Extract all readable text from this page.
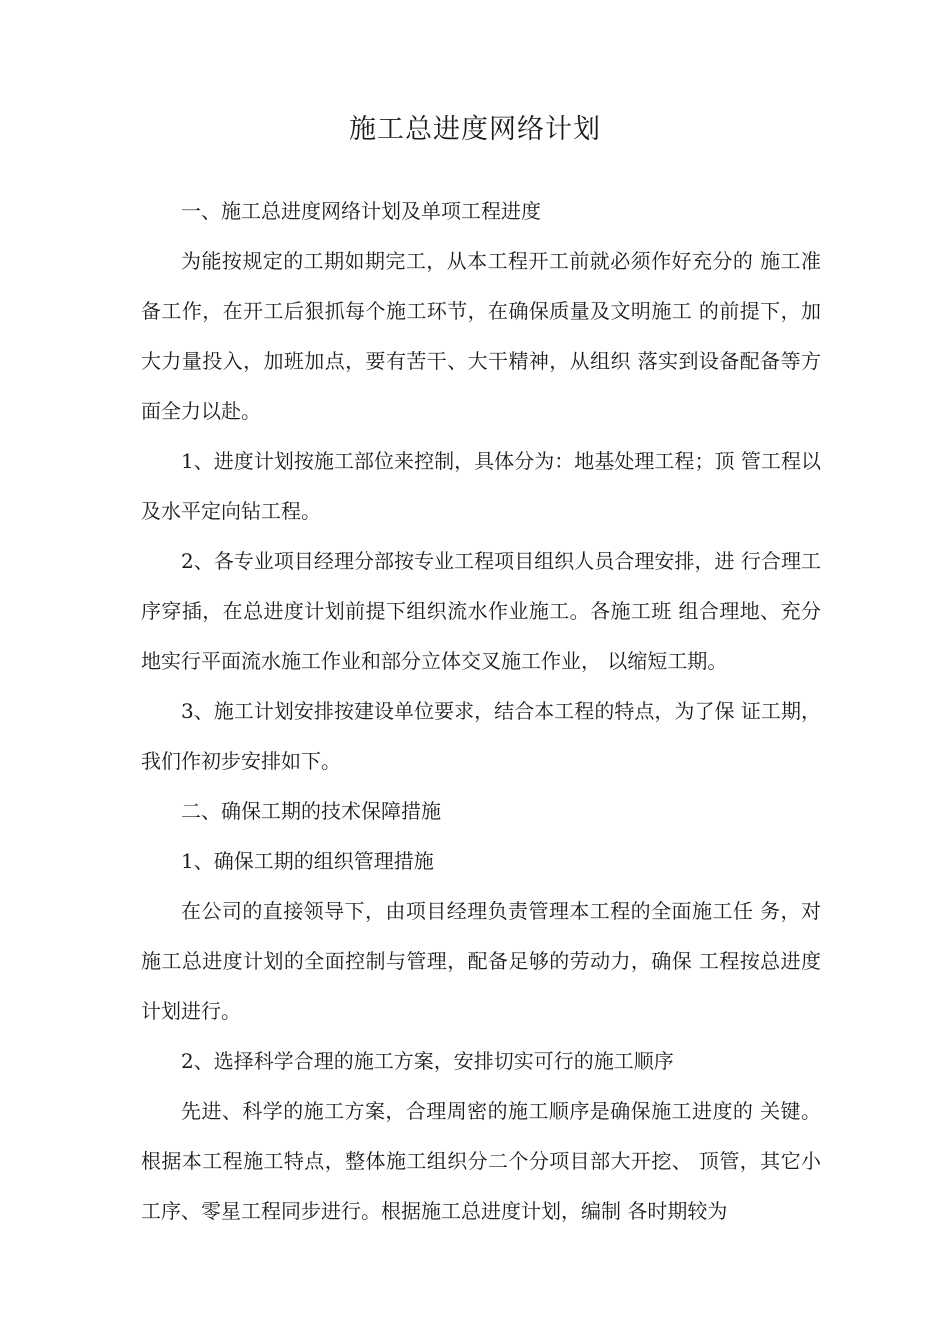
施工总进度网络计划

一、施工总进度网络计划及单项工程进度

为能按规定的工期如期完工，从本工程开工前就必须作好充分的 施工准备工作，在开工后狠抓每个施工环节，在确保质量及文明施工 的前提下，加大力量投入，加班加点，要有苦干、大干精神，从组织 落实到设备配备等方面全力以赴。

1、进度计划按施工部位来控制，具体分为：地基处理工程；顶 管工程以及水平定向钻工程。

2、各专业项目经理分部按专业工程项目组织人员合理安排，进 行合理工序穿插，在总进度计划前提下组织流水作业施工。各施工班 组合理地、充分地实行平面流水施工作业和部分立体交叉施工作业， 以缩短工期。

3、施工计划安排按建设单位要求，结合本工程的特点，为了保 证工期，我们作初步安排如下。

二、确保工期的技术保障措施

1、确保工期的组织管理措施

在公司的直接领导下，由项目经理负责管理本工程的全面施工任 务，对施工总进度计划的全面控制与管理，配备足够的劳动力，确保 工程按总进度计划进行。

2、选择科学合理的施工方案，安排切实可行的施工顺序

先进、科学的施工方案，合理周密的施工顺序是确保施工进度的 关键。根据本工程施工特点，整体施工组织分二个分项目部大开挖、 顶管，其它小工序、零星工程同步进行。根据施工总进度计划，编制 各时期较为
